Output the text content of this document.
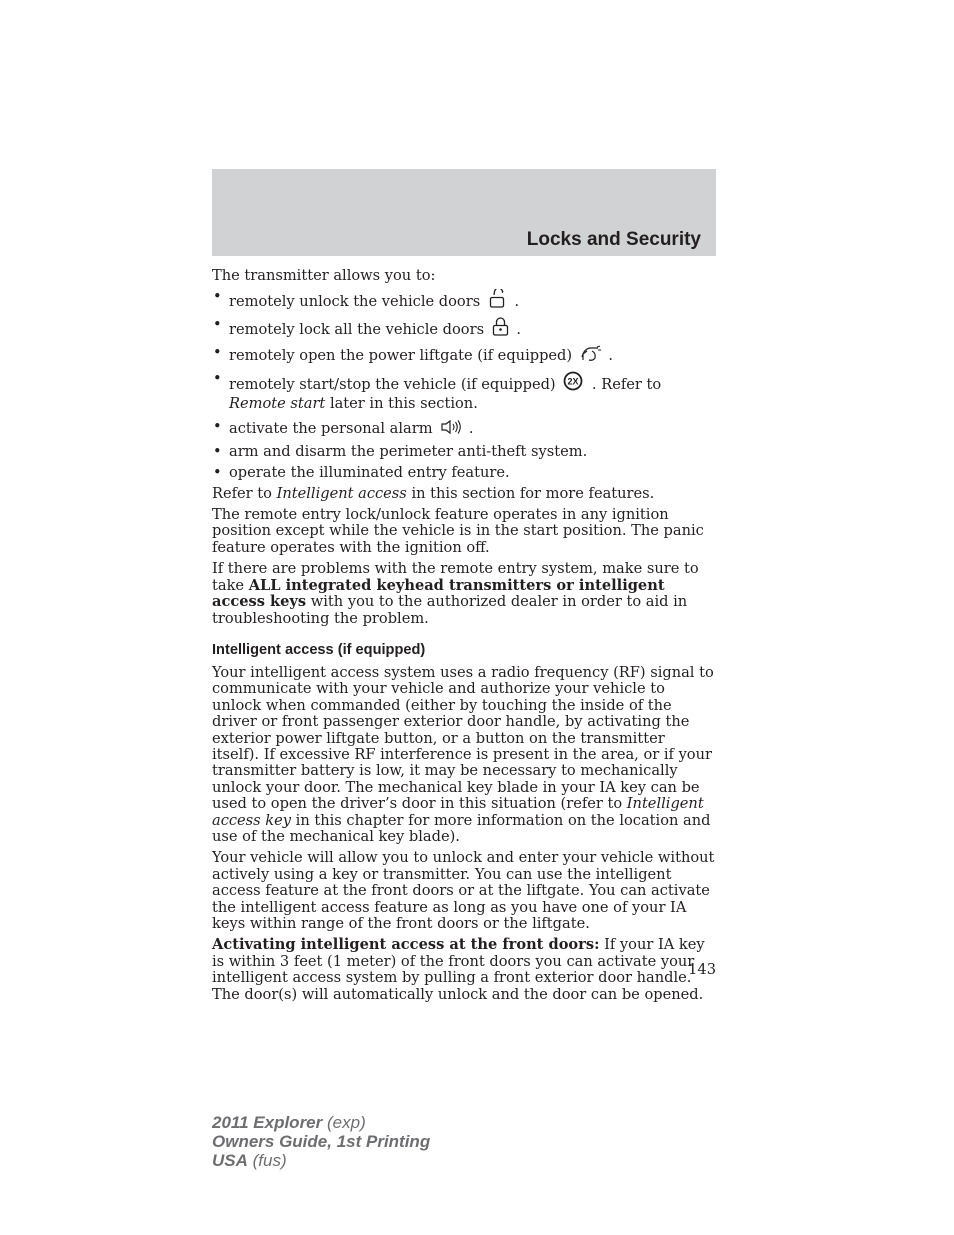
Locks and Security

The transmitter allows you to:

• remotely unlock the vehicle doors .
• remotely lock all the vehicle doors .
• remotely open the power liftgate (if equipped) .
• remotely start/stop the vehicle (if equipped) 2X . Refer to Remote start later in this section.
• activate the personal alarm .
• arm and disarm the perimeter anti-theft system.
• operate the illuminated entry feature.

Refer to Intelligent access in this section for more features.

The remote entry lock/unlock feature operates in any ignition position except while the vehicle is in the start position. The panic feature operates with the ignition off.

If there are problems with the remote entry system, make sure to take ALL integrated keyhead transmitters or intelligent access keys with you to the authorized dealer in order to aid in troubleshooting the problem.

Intelligent access (if equipped)

Your intelligent access system uses a radio frequency (RF) signal to communicate with your vehicle and authorize your vehicle to unlock when commanded (either by touching the inside of the driver or front passenger exterior door handle, by activating the exterior power liftgate button, or a button on the transmitter itself). If excessive RF interference is present in the area, or if your transmitter battery is low, it may be necessary to mechanically unlock your door. The mechanical key blade in your IA key can be used to open the driver’s door in this situation (refer to Intelligent access key in this chapter for more information on the location and use of the mechanical key blade).

Your vehicle will allow you to unlock and enter your vehicle without actively using a key or transmitter. You can use the intelligent access feature at the front doors or at the liftgate. You can activate the intelligent access feature as long as you have one of your IA keys within range of the front doors or the liftgate.

Activating intelligent access at the front doors: If your IA key is within 3 feet (1 meter) of the front doors you can activate your intelligent access system by pulling a front exterior door handle. The door(s) will automatically unlock and the door can be opened.

143
2011 Explorer (exp)
Owners Guide, 1st Printing
USA (fus)
